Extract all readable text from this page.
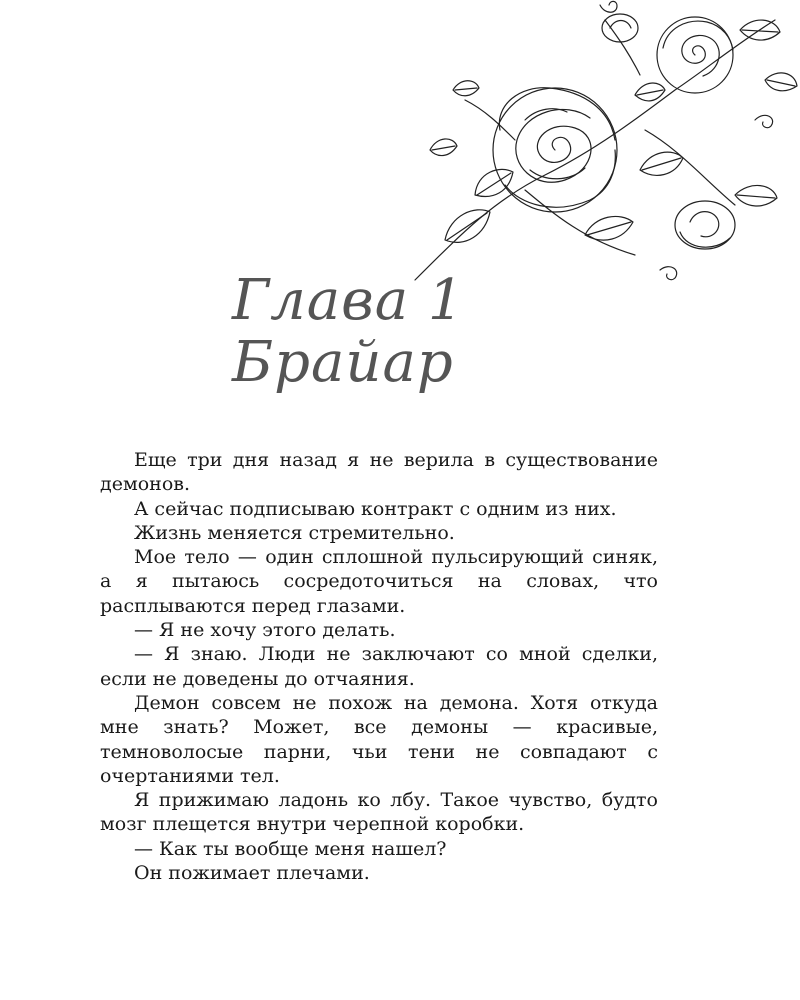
Глава 1
Брайар

Еще три дня назад я не верила в существование демонов.

А сейчас подписываю контракт с одним из них.

Жизнь меняется стремительно.

Мое тело — один сплошной пульсирующий синяк, а я пытаюсь сосредоточиться на словах, что расплываются перед глазами.

— Я не хочу этого делать.

— Я знаю. Люди не заключают со мной сделки, если не доведены до отчаяния.

Демон совсем не похож на демона. Хотя откуда мне знать? Может, все демоны — красивые, темноволосые парни, чьи тени не совпадают с очертаниями тел.

Я прижимаю ладонь ко лбу. Такое чувство, будто мозг плещется внутри черепной коробки.

— Как ты вообще меня нашел?

Он пожимает плечами.
